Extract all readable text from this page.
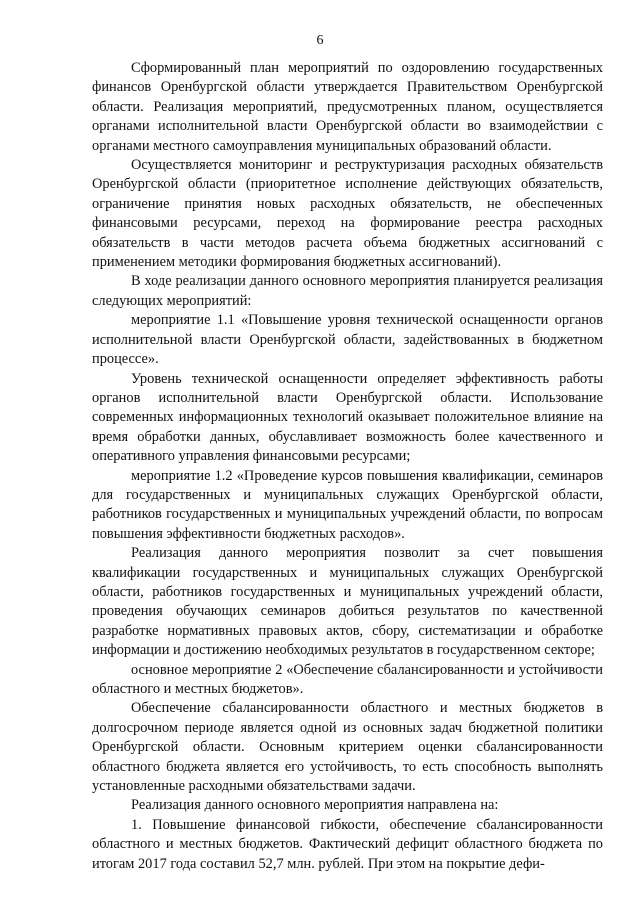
6

Сформированный план мероприятий по оздоровлению государственных финансов Оренбургской области утверждается Правительством Оренбургской области. Реализация мероприятий, предусмотренных планом, осуществляется органами исполнительной власти Оренбургской области во взаимодействии с органами местного самоуправления муниципальных образований области.

Осуществляется мониторинг и реструктуризация расходных обязательств Оренбургской области (приоритетное исполнение действующих обязательств, ограничение принятия новых расходных обязательств, не обеспеченных финансовыми ресурсами, переход на формирование реестра расходных обязательств в части методов расчета объема бюджетных ассигнований с применением методики формирования бюджетных ассигнований).

В ходе реализации данного основного мероприятия планируется реализация следующих мероприятий:

мероприятие 1.1 «Повышение уровня технической оснащенности органов исполнительной власти Оренбургской области, задействованных в бюджетном процессе».

Уровень технической оснащенности определяет эффективность работы органов исполнительной власти Оренбургской области. Использование современных информационных технологий оказывает положительное влияние на время обработки данных, обуславливает возможность более качественного и оперативного управления финансовыми ресурсами;

мероприятие 1.2 «Проведение курсов повышения квалификации, семинаров для государственных и муниципальных служащих Оренбургской области, работников государственных и муниципальных учреждений области, по вопросам повышения эффективности бюджетных расходов».

Реализация данного мероприятия позволит за счет повышения квалификации государственных и муниципальных служащих Оренбургской области, работников государственных и муниципальных учреждений области, проведения обучающих семинаров добиться результатов по качественной разработке нормативных правовых актов, сбору, систематизации и обработке информации и достижению необходимых результатов в государственном секторе;

основное мероприятие 2 «Обеспечение сбалансированности и устойчивости областного и местных бюджетов».

Обеспечение сбалансированности областного и местных бюджетов в долгосрочном периоде является одной из основных задач бюджетной политики Оренбургской области. Основным критерием оценки сбалансированности областного бюджета является его устойчивость, то есть способность выполнять установленные расходными обязательствами задачи.

Реализация данного основного мероприятия направлена на:

1. Повышение финансовой гибкости, обеспечение сбалансированности областного и местных бюджетов. Фактический дефицит областного бюджета по итогам 2017 года составил 52,7 млн. рублей. При этом на покрытие дефи-
